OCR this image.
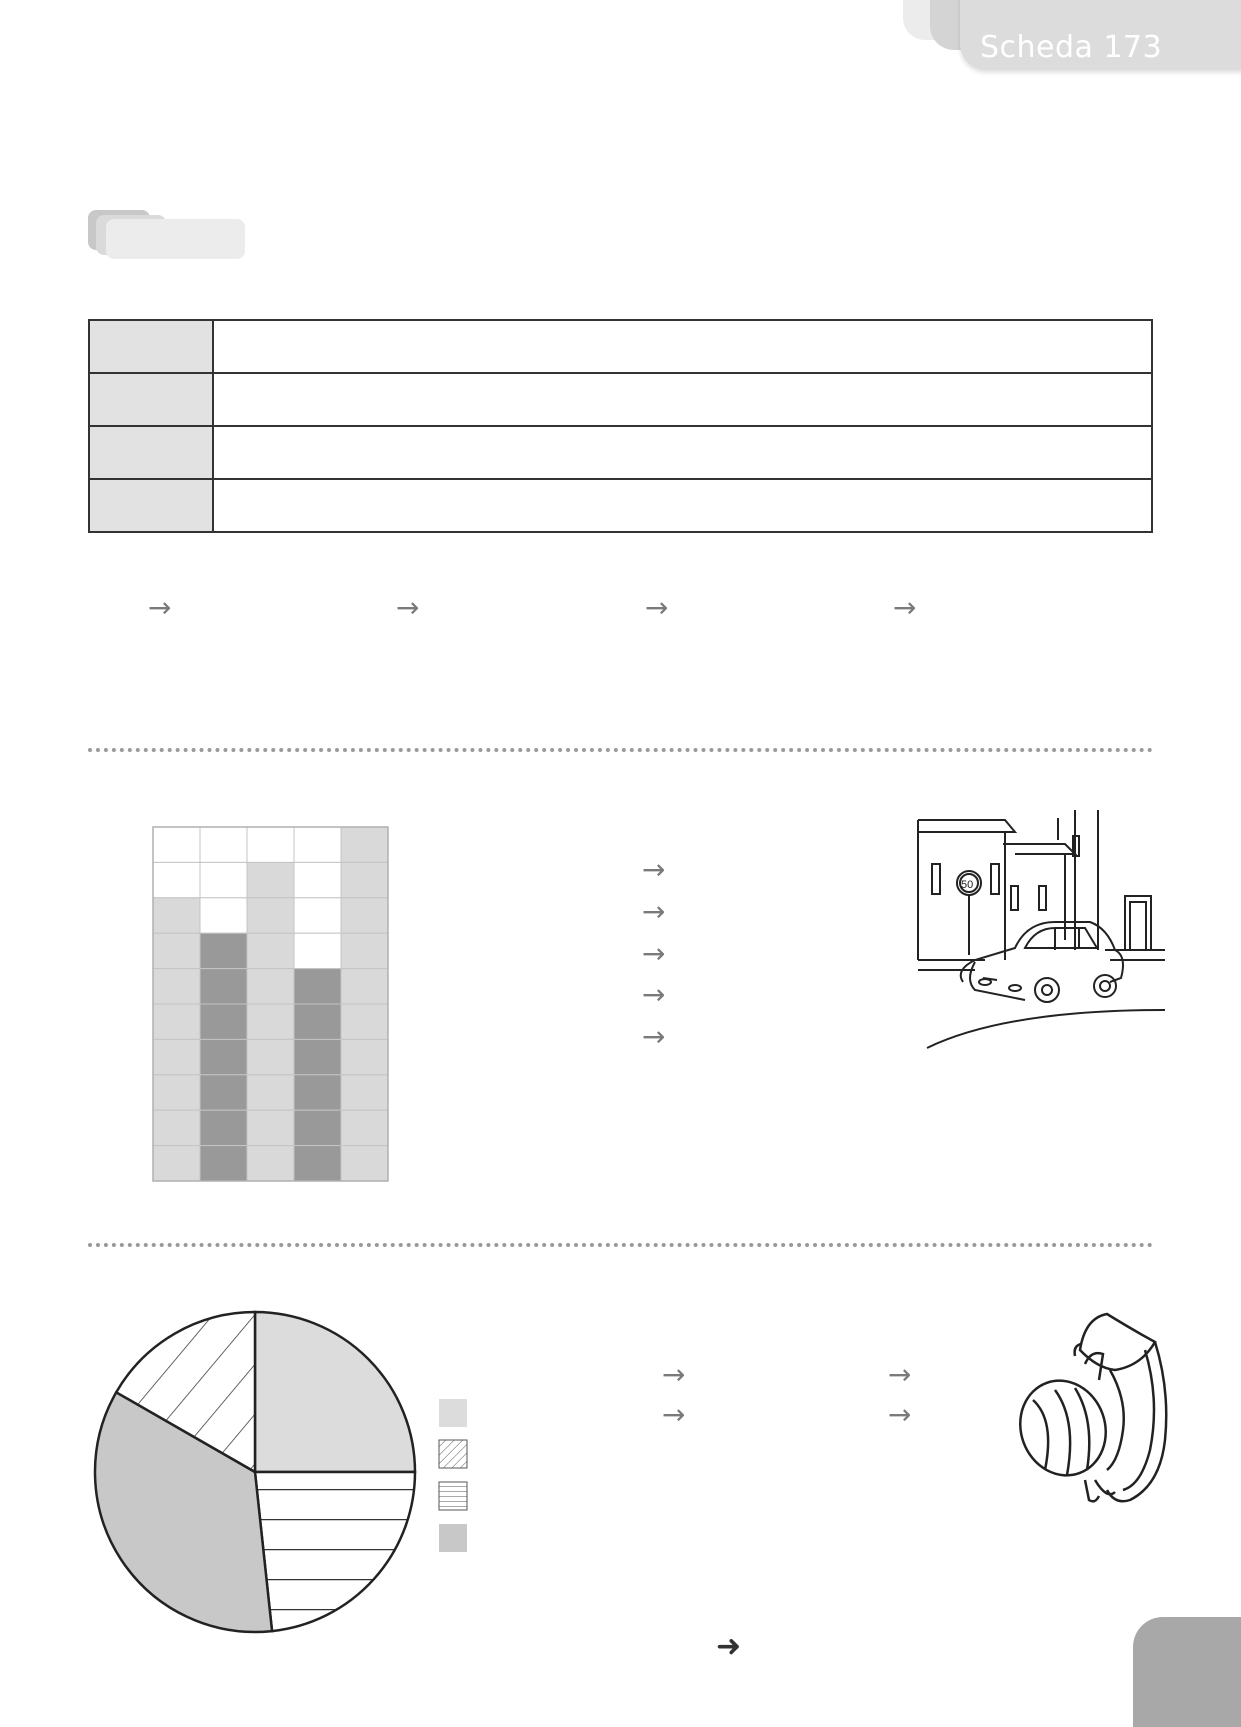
Scheda 173

→	→	→	→
→
→
→
→
→
50
→
→
→
→
➜
